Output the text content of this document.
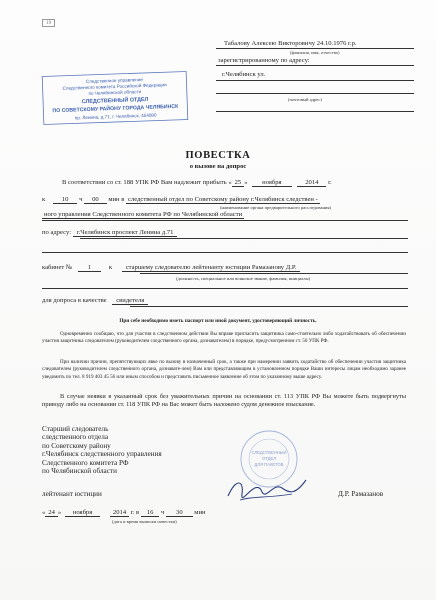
19
Табалову Алексею Викторовичу 24.10.1976 г.р.
(фамилия, имя, отчество)
зарегистрированному по адресу:
г.Челябинск ул.
(почтовый адрес)
Следственное управление
Следственного комитета Российской Федерации
по Челябинской области
СЛЕДСТВЕННЫЙ ОТДЕЛ
ПО СОВЕТСКОМУ РАЙОНУ ГОРОДА ЧЕЛЯБИНСК
пр. Ленина, д.71, г. Челябинск, 454080
ПОВЕСТКА
о вызове на допрос
В соответствии со ст. 188 УПК РФ Вам надлежит прибыть « 25 » ноября	2014 г.
к	10 ч 00 мин в следственный отдел по Советскому району г.Челябинск следствен -
(наименование органа предварительного расследования)
ного управления Следственного комитета РФ по Челябинской области
по адресу: г.Челябинск проспект Ленина д.71
кабинет № 1	к старшему следователю лейтенанту юстиции Рамазанову Д.Р.
(должность, специальное или воинское звание, фамилия, инициалы)
для допроса в качестве свидетеля
При себе необходимо иметь паспорт или иной документ, удостоверяющий личность.
Одновременно сообщаю, что для участия в следственном действии Вы вправе пригласить защитника само-стоятельно либо ходатайствовать об обеспечении участия защитника следователем (руководителем следственного органа, дознавателем) в порядке, предусмотренном ст. 50 УПК РФ.
При наличии причин, препятствующих явке по вызову в назначенный срок, а также при намерении заявить ходатайство об обеспечении участия защитника следователем (руководителем следственного органа, дознавате-лем) Вам или представляющим в установленном порядке Ваши интересы лицам необходимо заранее уведомить по тел. 8 919 403 45 56 или иным способом и представить письменное заявление об этом по указанному выше адресу.
В случае неявки в указанный срок без уважительных причин на основании ст. 113 УПК РФ Вы можете быть подвергнуты приводу либо на основании ст. 118 УПК РФ на Вас может быть наложено судом денежное взыскание.
Старший следователь
следственного отдела
по Советскому району
г.Челябинск следственного управления
Следственного комитета РФ
по Челябинской области
лейтенант юстиции	Д.Р. Рамазанов
СЛЕДСТВЕННЫЙ
ОТДЕЛ
ДЛЯ ПАКЕТОВ
« 24 » ноября	2014 г. в 16 ч 30 мин
(дата и время выписки повестки)
